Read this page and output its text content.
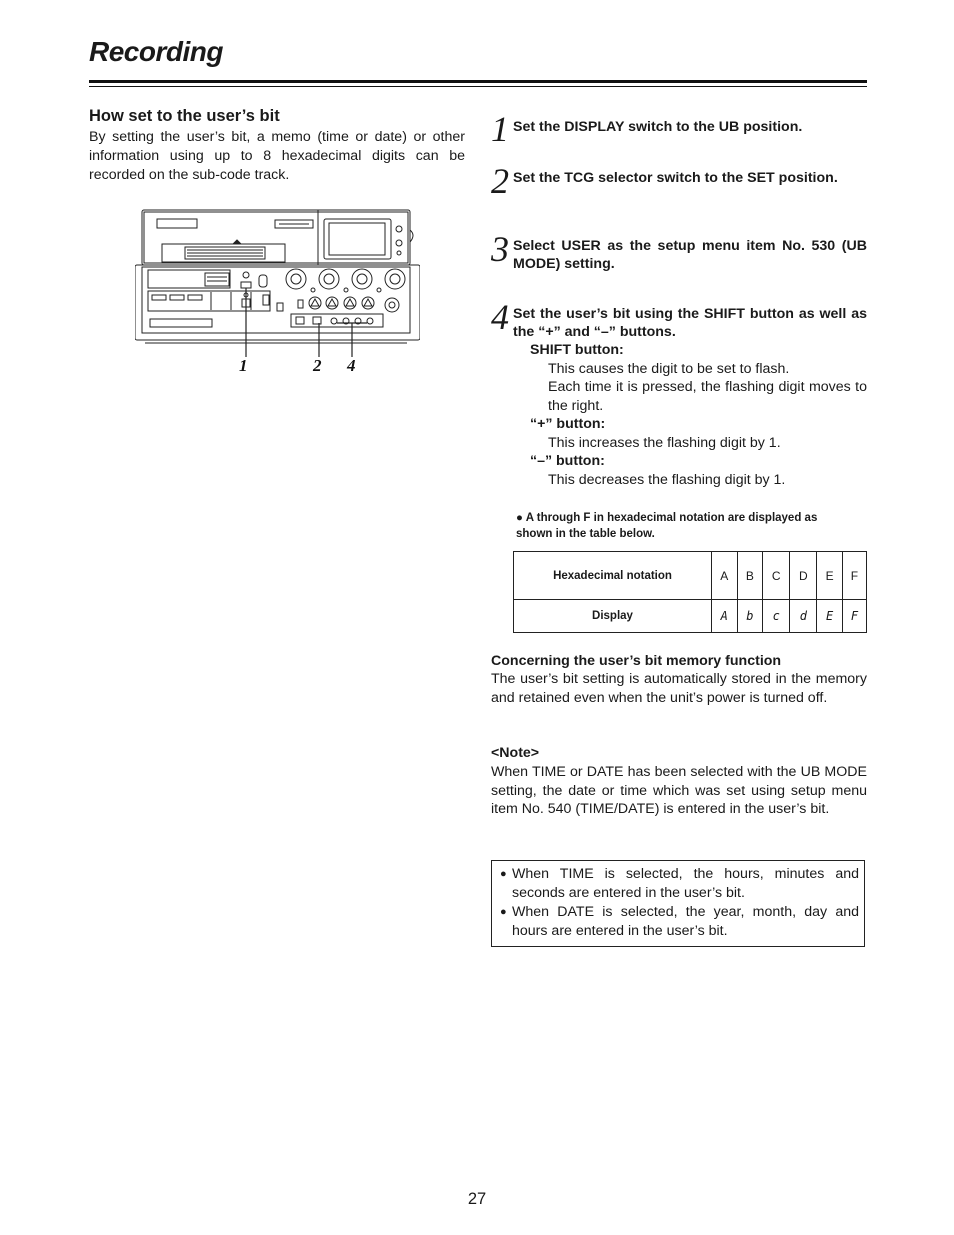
Recording
How set to the user’s bit

By setting the user’s bit, a memo (time or date) or other information using up to 8 hexadecimal digits can be recorded on the sub-code track.

1	2 4
1 Set the DISPLAY switch to the UB position.
2 Set the TCG selector switch to the SET position.
3 Select USER as the setup menu item No. 530 (UB MODE) setting.
4 Set the user’s bit using the SHIFT button as well as the “+” and “–” buttons.
SHIFT button:
This causes the digit to be set to flash.
Each time it is pressed, the flashing digit moves to the right.
“+” button:
This increases the flashing digit by 1.
“–” button:
This decreases the flashing digit by 1.
● A through F in hexadecimal notation are displayed as shown in the table below.
Hexadecimal notation	A	B	C	D	E	F
Display	A	b	c	d	E	F
Concerning the user’s bit memory function
The user’s bit setting is automatically stored in the memory and retained even when the unit’s power is turned off.
<Note>
When TIME or DATE has been selected with the UB MODE setting, the date or time which was set using setup menu item No. 540 (TIME/DATE) is entered in the user’s bit.
● When TIME is selected, the hours, minutes and seconds are entered in the user’s bit.
● When DATE is selected, the year, month, day and hours are entered in the user’s bit.
27
